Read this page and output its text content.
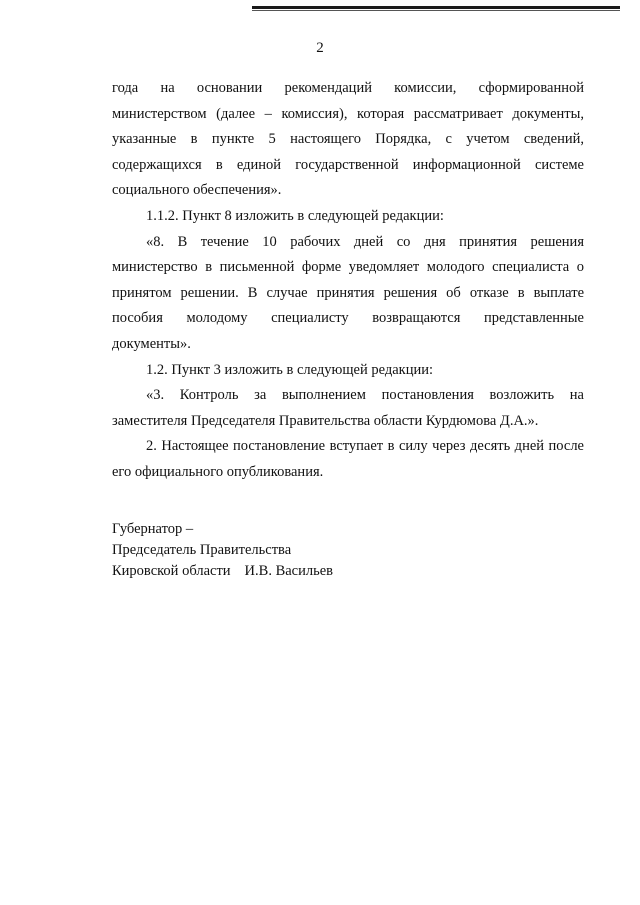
2

года на основании рекомендаций комиссии, сформированной министерством (далее – комиссия), которая рассматривает документы, указанные в пункте 5 настоящего Порядка, с учетом сведений, содержащихся в единой государственной информационной системе социального обеспечения».

1.1.2. Пункт 8 изложить в следующей редакции:

«8. В течение 10 рабочих дней со дня принятия решения министерство в письменной форме уведомляет молодого специалиста о принятом решении. В случае принятия решения об отказе в выплате пособия молодому специалисту возвращаются представленные документы».

1.2. Пункт 3 изложить в следующей редакции:

«3. Контроль за выполнением постановления возложить на заместителя Председателя Правительства области Курдюмова Д.А.».

2. Настоящее постановление вступает в силу через десять дней после его официального опубликования.

Губернатор –
Председатель Правительства
Кировской области И.В. Васильев
